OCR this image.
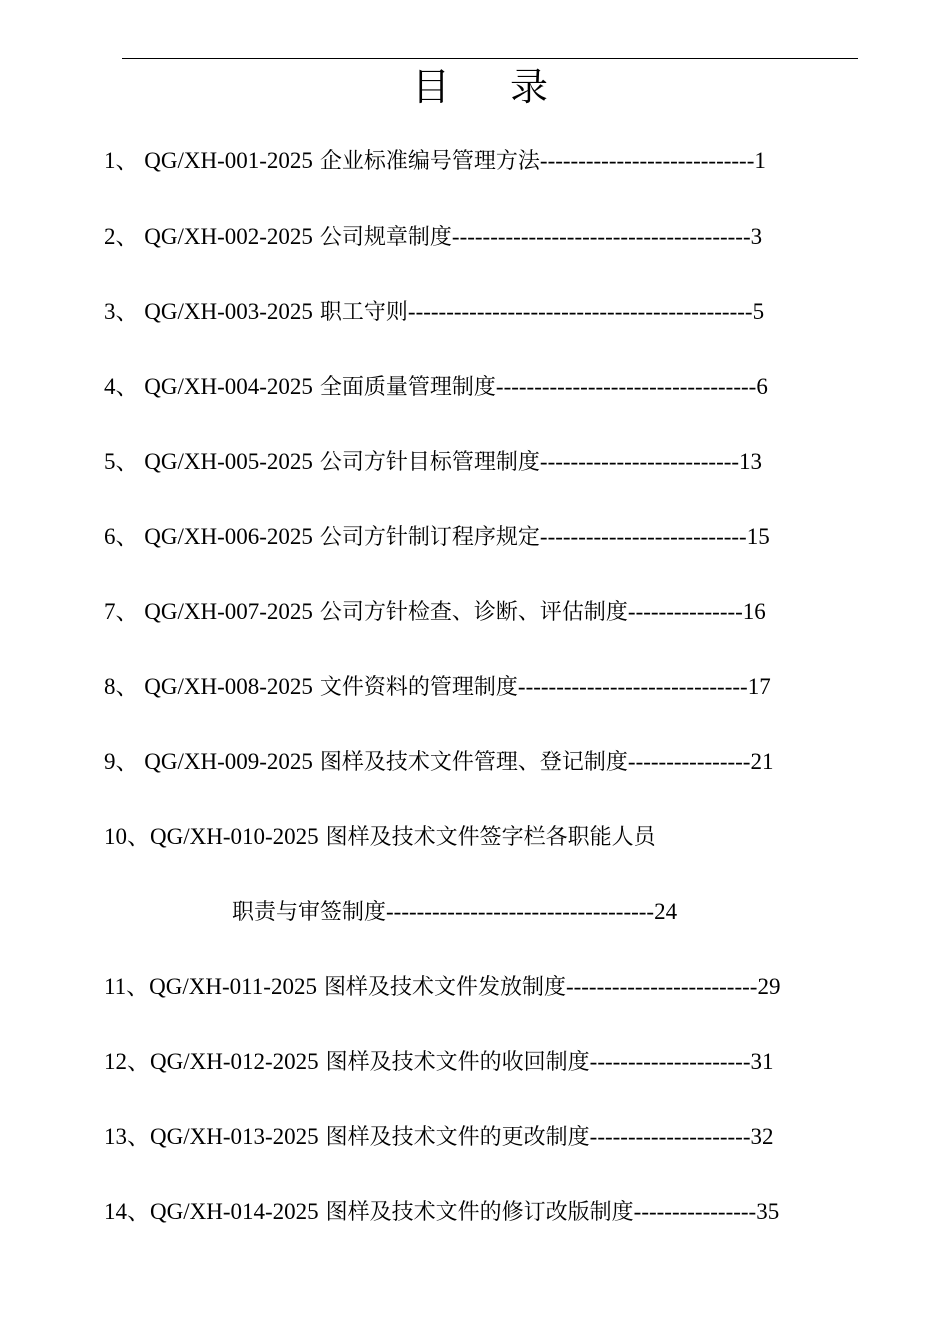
目 录
1、 QG/XH-001-2025 企业标准编号管理方法----------------------------1
2、 QG/XH-002-2025 公司规章制度---------------------------------------3
3、 QG/XH-003-2025 职工守则---------------------------------------------5
4、 QG/XH-004-2025 全面质量管理制度----------------------------------6
5、 QG/XH-005-2025 公司方针目标管理制度--------------------------13
6、 QG/XH-006-2025 公司方针制订程序规定---------------------------15
7、 QG/XH-007-2025 公司方针检查、诊断、评估制度---------------16
8、 QG/XH-008-2025 文件资料的管理制度------------------------------17
9、 QG/XH-009-2025 图样及技术文件管理、登记制度----------------21
10、QG/XH-010-2025 图样及技术文件签字栏各职能人员
职责与审签制度-----------------------------------24
11、QG/XH-011-2025 图样及技术文件发放制度-------------------------29
12、QG/XH-012-2025 图样及技术文件的收回制度---------------------31
13、QG/XH-013-2025 图样及技术文件的更改制度---------------------32
14、QG/XH-014-2025 图样及技术文件的修订改版制度----------------35
